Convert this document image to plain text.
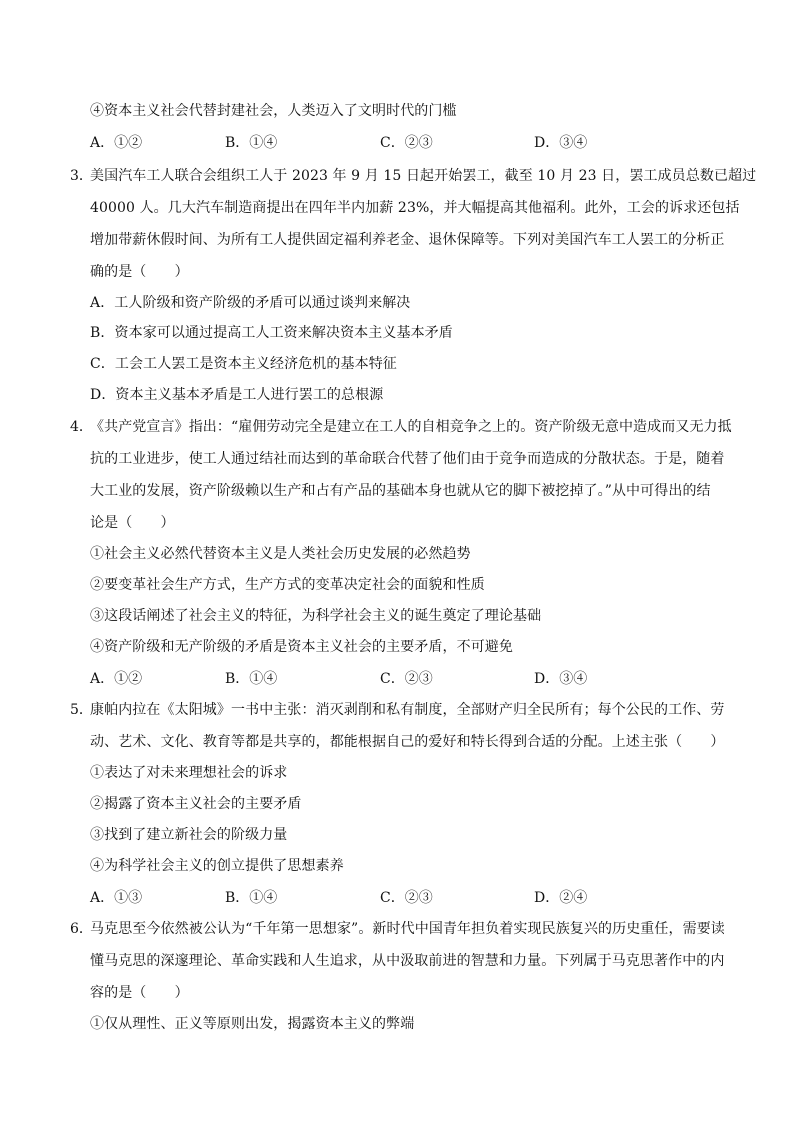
④资本主义社会代替封建社会，人类迈入了文明时代的门槛
A．①②	B．①④	C．②③	D．③④
3．
美国汽车工人联合会组织工人于 2023 年 9 月 15 日起开始罢工，截至 10 月 23 日，罢工成员总数已超过
40000 人。几大汽车制造商提出在四年半内加薪 23%，并大幅提高其他福利。此外，工会的诉求还包括
增加带薪休假时间、为所有工人提供固定福利养老金、退休保障等。下列对美国汽车工人罢工的分析正
确的是（　　）
A．工人阶级和资产阶级的矛盾可以通过谈判来解决
B．资本家可以通过提高工人工资来解决资本主义基本矛盾
C．工会工人罢工是资本主义经济危机的基本特征
D．资本主义基本矛盾是工人进行罢工的总根源
4．
《共产党宣言》指出：“雇佣劳动完全是建立在工人的自相竞争之上的。资产阶级无意中造成而又无力抵
抗的工业进步，使工人通过结社而达到的革命联合代替了他们由于竞争而造成的分散状态。于是，随着
大工业的发展，资产阶级赖以生产和占有产品的基础本身也就从它的脚下被挖掉了。”从中可得出的结
论是（　　）
①社会主义必然代替资本主义是人类社会历史发展的必然趋势
②要变革社会生产方式，生产方式的变革决定社会的面貌和性质
③这段话阐述了社会主义的特征，为科学社会主义的诞生奠定了理论基础
④资产阶级和无产阶级的矛盾是资本主义社会的主要矛盾，不可避免
A．①②	B．①④	C．②③	D．③④
5．
康帕内拉在《太阳城》一书中主张：消灭剥削和私有制度，全部财产归全民所有；每个公民的工作、劳
动、艺术、文化、教育等都是共享的，都能根据自己的爱好和特长得到合适的分配。上述主张（　　）
①表达了对未来理想社会的诉求
②揭露了资本主义社会的主要矛盾
③找到了建立新社会的阶级力量
④为科学社会主义的创立提供了思想素养
A．①③	B．①④	C．②③	D．②④
6．
马克思至今依然被公认为“千年第一思想家”。新时代中国青年担负着实现民族复兴的历史重任，需要读
懂马克思的深邃理论、革命实践和人生追求，从中汲取前进的智慧和力量。下列属于马克思著作中的内
容的是（　　）
①仅从理性、正义等原则出发，揭露资本主义的弊端
